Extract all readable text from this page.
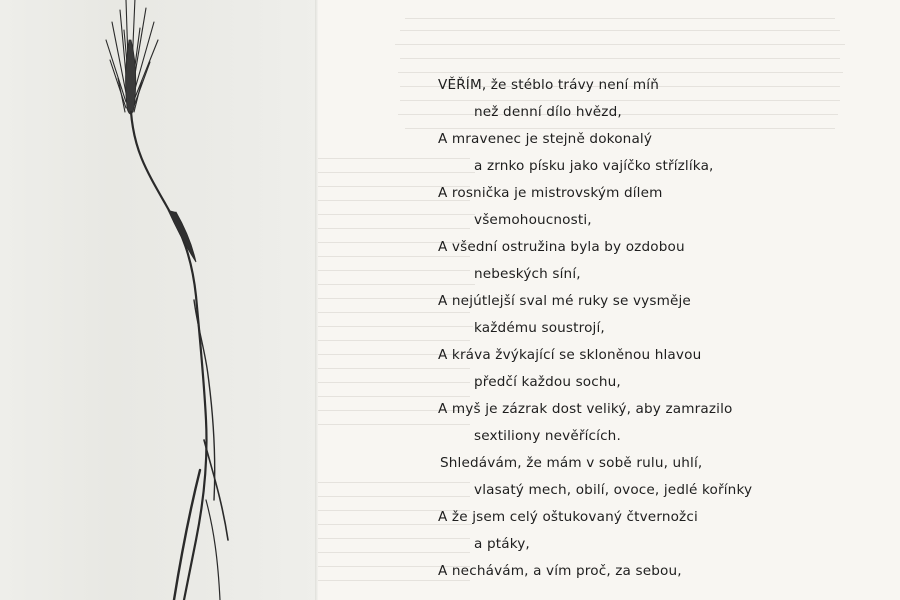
VĚŘÍM, že stéblo trávy není míň
než denní dílo hvězd,
A mravenec je stejně dokonalý
a zrnko písku jako vajíčko střízlíka,
A rosnička je mistrovským dílem
všemohoucnosti,
A všední ostružina byla by ozdobou
nebeských síní,
A nejútlejší sval mé ruky se vysměje
každému soustrojí,
A kráva žvýkající se skloněnou hlavou
předčí každou sochu,
A myš je zázrak dost veliký, aby zamrazilo
sextiliony nevěřících.
Shledávám, že mám v sobě rulu, uhlí,
vlasatý mech, obilí, ovoce, jedlé kořínky
A že jsem celý oštukovaný čtvernožci
a ptáky,
A nechávám, a vím proč, za sebou,
